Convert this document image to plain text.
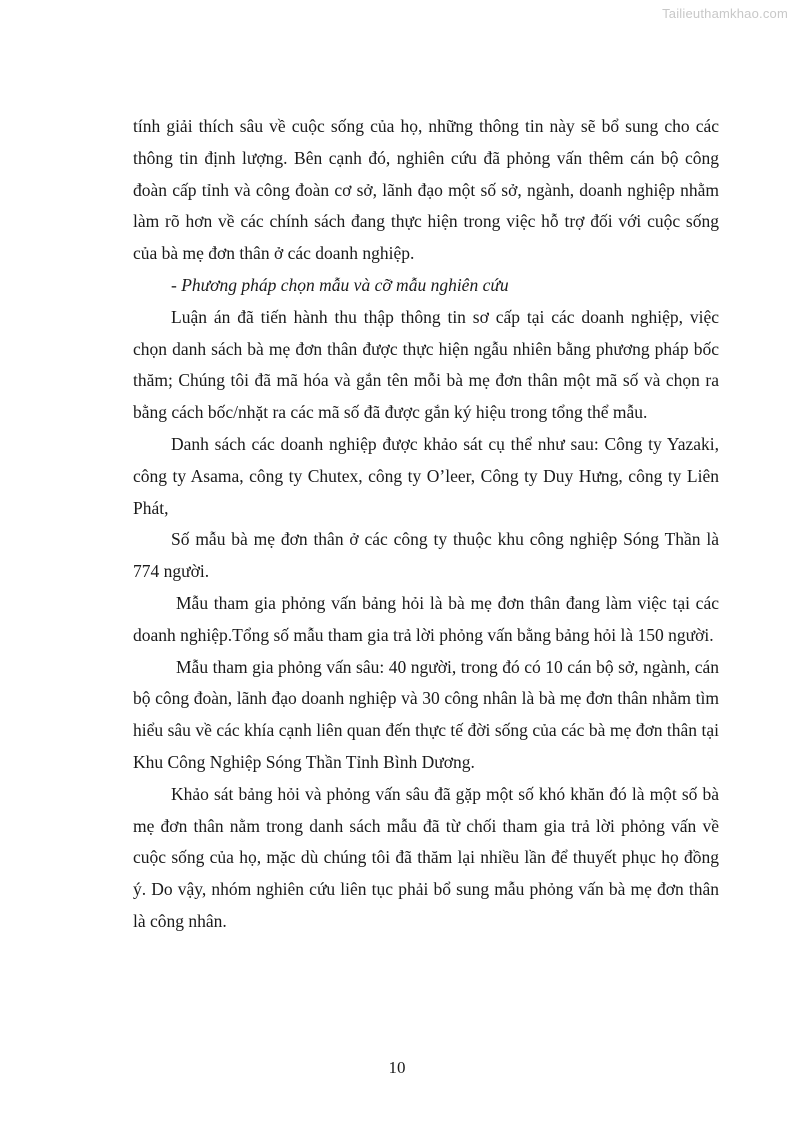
Tailieuthamkhao.com

tính giải thích sâu về cuộc sống của họ, những thông tin này sẽ bổ sung cho các thông tin định lượng. Bên cạnh đó, nghiên cứu đã phỏng vấn thêm cán bộ công đoàn cấp tỉnh và công đoàn cơ sở, lãnh đạo một số sở, ngành, doanh nghiệp nhằm làm rõ hơn về các chính sách đang thực hiện trong việc hỗ trợ đối với cuộc sống của bà mẹ đơn thân ở các doanh nghiệp.

- Phương pháp chọn mẫu và cỡ mẫu nghiên cứu

Luận án đã tiến hành thu thập thông tin sơ cấp tại các doanh nghiệp, việc chọn danh sách bà mẹ đơn thân được thực hiện ngẫu nhiên bằng phương pháp bốc thăm; Chúng tôi đã mã hóa và gắn tên mỗi bà mẹ đơn thân một mã số và chọn ra bằng cách bốc/nhặt ra các mã số đã được gắn ký hiệu trong tổng thể mẫu.

Danh sách các doanh nghiệp được khảo sát cụ thể như sau: Công ty Yazaki, công ty Asama, công ty Chutex, công ty O’leer, Công ty Duy Hưng, công ty Liên Phát,

Số mẫu bà mẹ đơn thân ở các công ty thuộc khu công nghiệp Sóng Thần là 774 người.

Mẫu tham gia phỏng vấn bảng hỏi là bà mẹ đơn thân đang làm việc tại các doanh nghiệp.Tổng số mẫu tham gia trả lời phỏng vấn bằng bảng hỏi là 150 người.

Mẫu tham gia phỏng vấn sâu: 40 người, trong đó có 10 cán bộ sở, ngành, cán bộ công đoàn, lãnh đạo doanh nghiệp và 30 công nhân là bà mẹ đơn thân nhằm tìm hiểu sâu về các khía cạnh liên quan đến thực tế đời sống của các bà mẹ đơn thân tại Khu Công Nghiệp Sóng Thần Tỉnh Bình Dương.

Khảo sát bảng hỏi và phỏng vấn sâu đã gặp một số khó khăn đó là một số bà mẹ đơn thân nằm trong danh sách mẫu đã từ chối tham gia trả lời phỏng vấn về cuộc sống của họ, mặc dù chúng tôi đã thăm lại nhiều lần để thuyết phục họ đồng ý. Do vậy, nhóm nghiên cứu liên tục phải bổ sung mẫu phỏng vấn bà mẹ đơn thân là công nhân.

10
